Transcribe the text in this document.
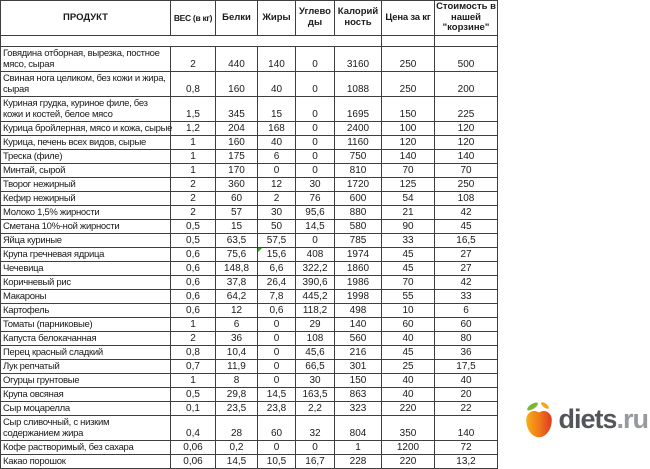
ПРОДУКТ	ВЕС (в кг)	Белки	Жиры	Углеводы	Калорийность	Цена за кг	Стоимость в нашей "корзине"

Говядина отборная, вырезка, постное мясо, сырая	2	440	140	0	3160	250	500
Свиная нога целиком, без кожи и жира, сырая	0,8	160	40	0	1088	250	200
Куриная грудка, куриное филе, без кожи и костей, белое мясо	1,5	345	15	0	1695	150	225
Курица бройлерная, мясо и кожа, сырые	1,2	204	168	0	2400	100	120
Курица, печень всех видов, сырые	1	160	40	0	1160	120	120
Треска (филе)	1	175	6	0	750	140	140
Минтай, сырой	1	170	0	0	810	70	70
Творог нежирный	2	360	12	30	1720	125	250
Кефир нежирный	2	60	2	76	600	54	108
Молоко 1,5% жирности	2	57	30	95,6	880	21	42
Сметана 10%-ной жирности	0,5	15	50	14,5	580	90	45
Яйца куриные	0,5	63,5	57,5	0	785	33	16,5
Крупа гречневая ядрица	0,6	75,6	15,6	408	1974	45	27
Чечевица	0,6	148,8	6,6	322,2	1860	45	27
Коричневый рис	0,6	37,8	26,4	390,6	1986	70	42
Макароны	0,6	64,2	7,8	445,2	1998	55	33
Картофель	0,6	12	0,6	118,2	498	10	6
Томаты (парниковые)	1	6	0	29	140	60	60
Капуста белокачанная	2	36	0	108	560	40	80
Перец красный сладкий	0,8	10,4	0	45,6	216	45	36
Лук репчатый	0,7	11,9	0	66,5	301	25	17,5
Огурцы грунтовые	1	8	0	30	150	40	40
Крупа овсяная	0,5	29,8	14,5	163,5	863	40	20
Сыр моцарелла	0,1	23,5	23,8	2,2	323	220	22
Сыр сливочный, с низким содержанием жира	0,4	28	60	32	804	350	140
Кофе растворимый, без сахара	0,06	0,2	0	0	1	1200	72
Какао порошок	0,06	14,5	10,5	16,7	228	220	13,2
diets.ru
